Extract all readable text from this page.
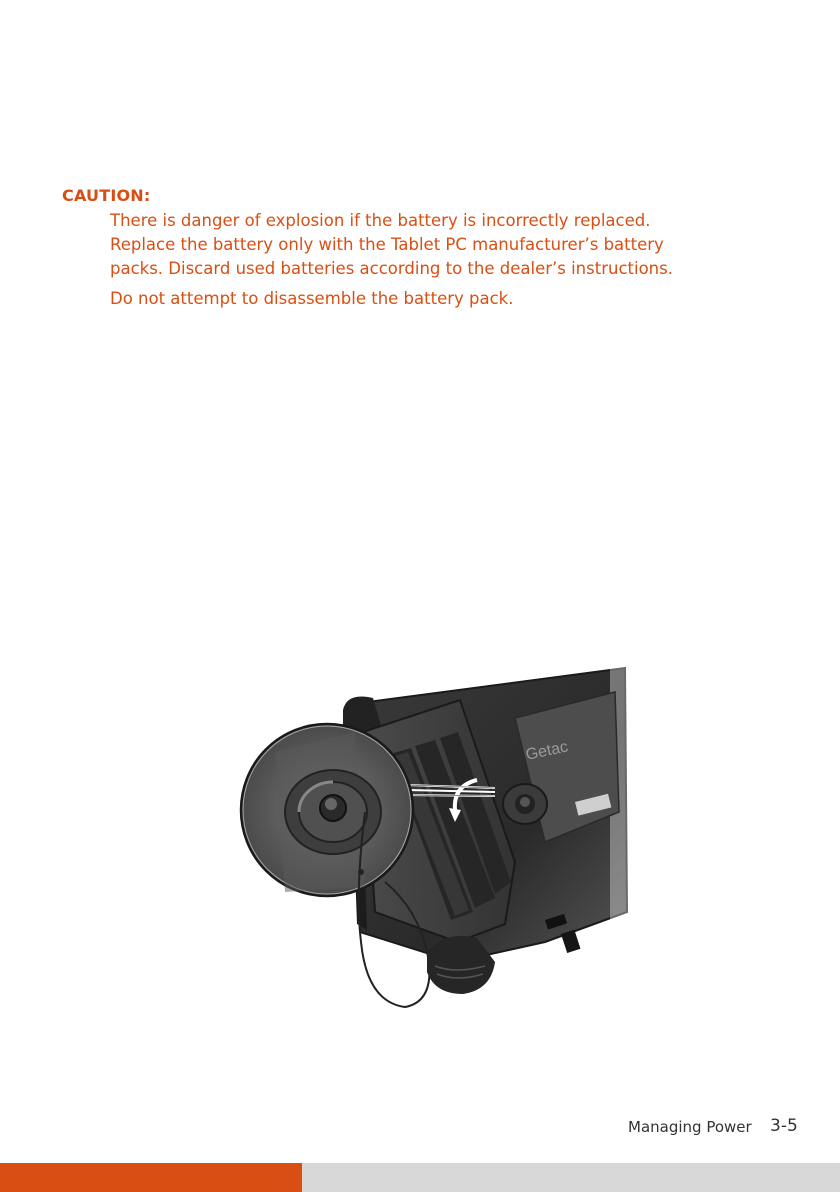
CAUTION:

There is danger of explosion if the battery is incorrectly replaced.
Replace the battery only with the Tablet PC manufacturer’s battery
packs. Discard used batteries according to the dealer’s instructions.

Do not attempt to disassemble the battery pack.

Getac
Managing Power 3-5
